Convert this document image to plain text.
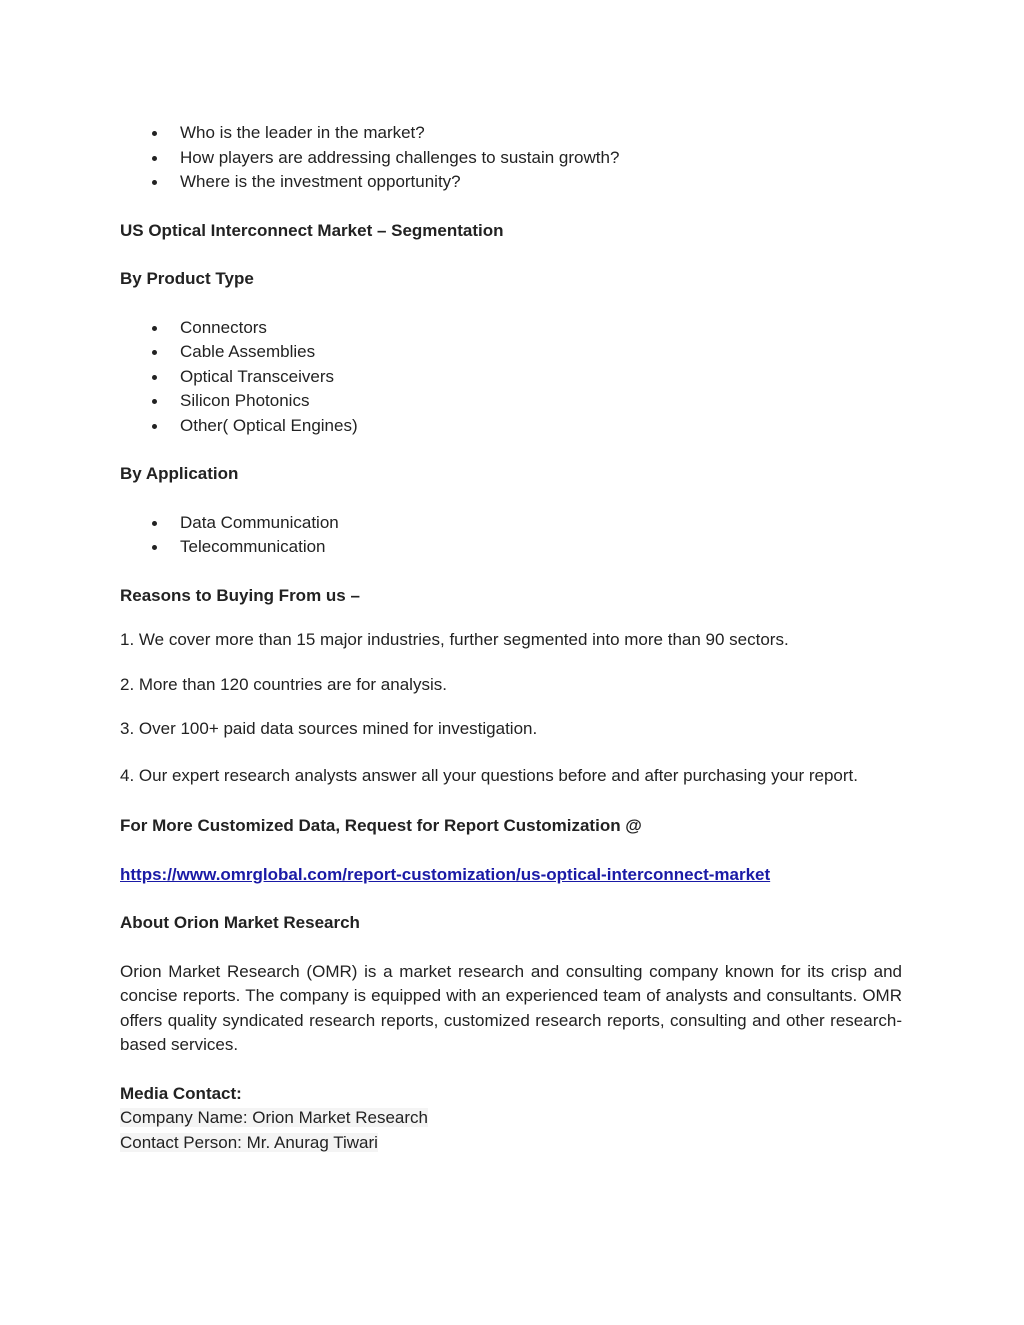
Who is the leader in the market?
How players are addressing challenges to sustain growth?
Where is the investment opportunity?
US Optical Interconnect Market – Segmentation
By Product Type
Connectors
Cable Assemblies
Optical Transceivers
Silicon Photonics
Other( Optical Engines)
By Application
Data Communication
Telecommunication
Reasons to Buying From us –
1. We cover more than 15 major industries, further segmented into more than 90 sectors.
2. More than 120 countries are for analysis.
3. Over 100+ paid data sources mined for investigation.
4. Our expert research analysts answer all your questions before and after purchasing your report.
For More Customized Data, Request for Report Customization @
https://www.omrglobal.com/report-customization/us-optical-interconnect-market
About Orion Market Research
Orion Market Research (OMR) is a market research and consulting company known for its crisp and concise reports. The company is equipped with an experienced team of analysts and consultants. OMR offers quality syndicated research reports, customized research reports, consulting and other research-based services.
Media Contact:
Company Name: Orion Market Research
Contact Person: Mr. Anurag Tiwari
